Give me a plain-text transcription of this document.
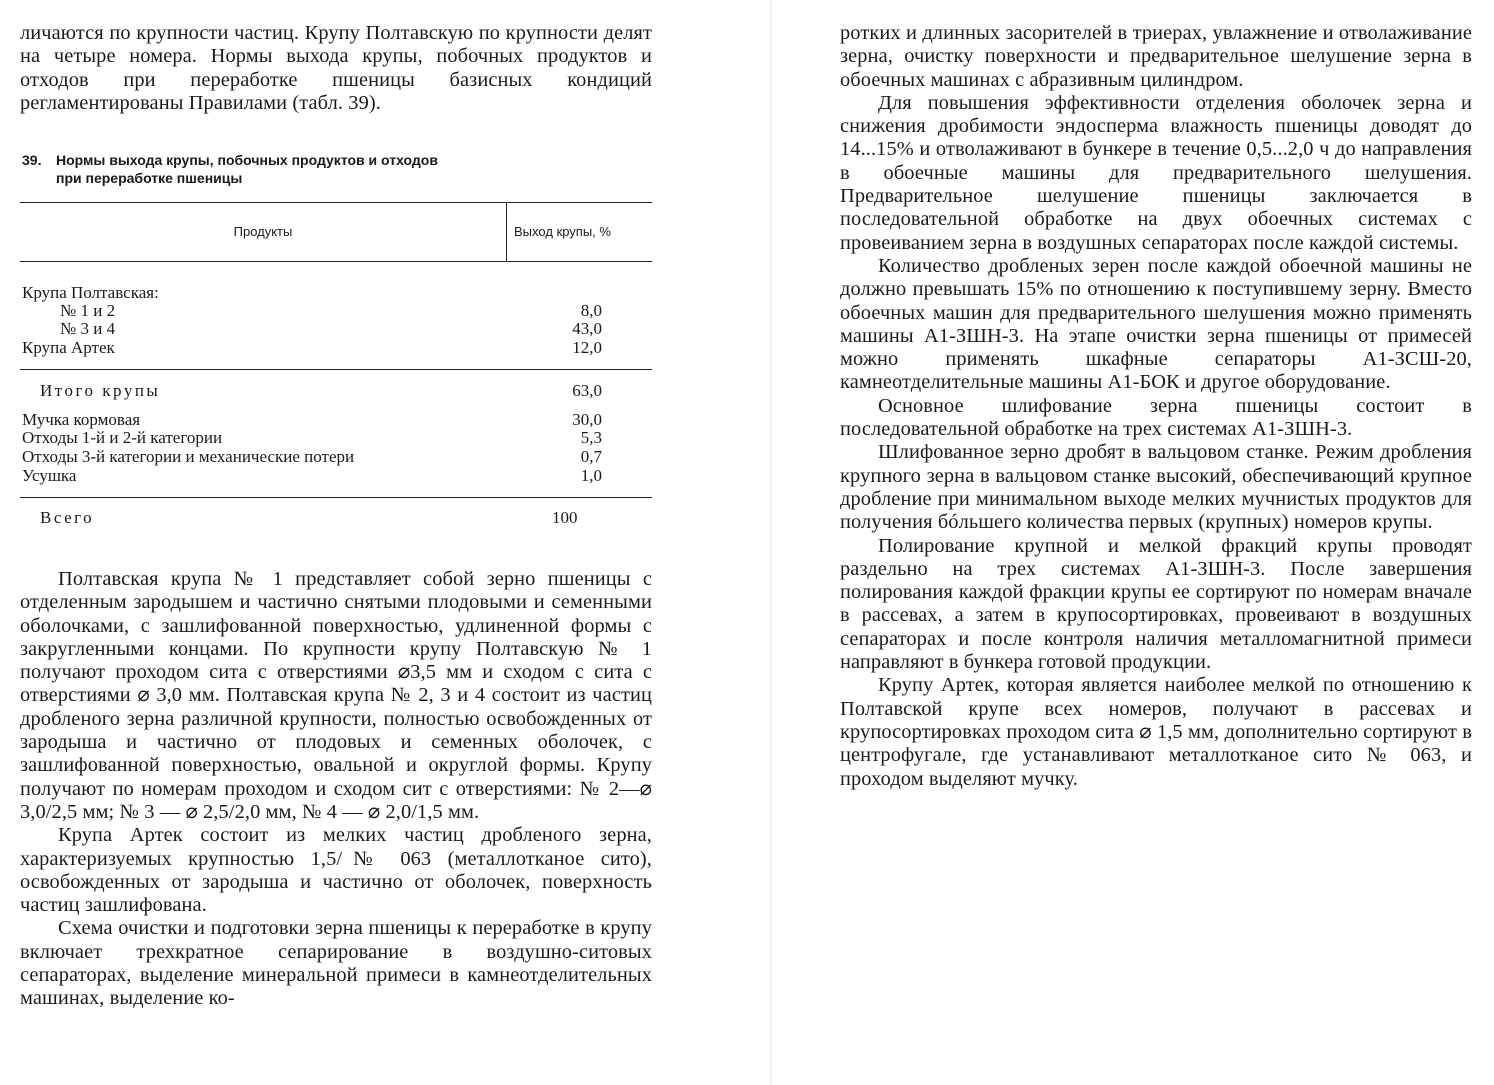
личаются по крупности частиц. Крупу Полтавскую по крупности делят на четыре номера. Нормы выхода крупы, побочных продуктов и отходов при переработке пшеницы базисных кондиций регламентированы Правилами (табл. 39).

39. Нормы выхода крупы, побочных продуктов и отходов
при переработке пшеницы
Продукты	Выход крупы, %
Крупа Полтавская:
№ 1 и 2	8,0
№ 3 и 4	43,0
Крупа Артек	12,0
Итого крупы	63,0
Мучка кормовая	30,0
Отходы 1-й и 2-й категории	5,3
Отходы 3-й категории и механические потери	0,7
Усушка	1,0
Всего	100

Полтавская крупа № 1 представляет собой зерно пшеницы с отделенным зародышем и частично снятыми плодовыми и семенными оболочками, с зашлифованной поверхностью, удлиненной формы с закругленными концами. По крупности крупу Полтавскую № 1 получают проходом сита с отверстиями ⌀3,5 мм и сходом с сита с отверстиями ⌀ 3,0 мм. Полтавская крупа № 2, 3 и 4 состоит из частиц дробленого зерна различной крупности, полностью освобожденных от зародыша и частично от плодовых и семенных оболочек, с зашлифованной поверхностью, овальной и округлой формы. Крупу получают по номерам проходом и сходом сит с отверстиями: № 2—⌀ 3,0/2,5 мм; № 3 — ⌀ 2,5/2,0 мм, № 4 — ⌀ 2,0/1,5 мм.

Крупа Артек состоит из мелких частиц дробленого зерна, характеризуемых крупностью 1,5/№ 063 (металлотканое сито), освобожденных от зародыша и частично от оболочек, поверхность частиц зашлифована.

Схема очистки и подготовки зерна пшеницы к переработке в крупу включает трехкратное сепарирование в воздушно-ситовых сепараторах, выделение минеральной примеси в камнеотделительных машинах, выделение ко-

роткиx и длинных засорителей в триерах, увлажнение и отволаживание зерна, очистку поверхности и предварительное шелушение зерна в обоечных машинах с абразивным цилиндром.

Для повышения эффективности отделения оболочек зерна и снижения дробимости эндосперма влажность пшеницы доводят до 14...15% и отволаживают в бункере в течение 0,5...2,0 ч до направления в обоечные машины для предварительного шелушения. Предварительное шелушение пшеницы заключается в последовательной обработке на двух обоечных системах с провеиванием зерна в воздушных сепараторах после каждой системы.

Количество дробленых зерен после каждой обоечной машины не должно превышать 15% по отношению к поступившему зерну. Вместо обоечных машин для предварительного шелушения можно применять машины А1-ЗШН-3. На этапе очистки зерна пшеницы от примесей можно применять шкафные сепараторы А1-ЗСШ-20, камнеотделительные машины А1-БОК и другое оборудование.

Основное шлифование зерна пшеницы состоит в последовательной обработке на трех системах А1-ЗШН-3.

Шлифованное зерно дробят в вальцовом станке. Режим дробления крупного зерна в вальцовом станке высокий, обеспечивающий крупное дробление при минимальном выходе мелких мучнистых продуктов для получения бóльшего количества первых (крупных) номеров крупы.

Полирование крупной и мелкой фракций крупы проводят раздельно на трех системах А1-ЗШН-3. После завершения полирования каждой фракции крупы ее сортируют по номерам вначале в рассевах, а затем в крупосортировках, провеивают в воздушных сепараторах и после контроля наличия металломагнитной примеси направляют в бункера готовой продукции.

Крупу Артек, которая является наиболее мелкой по отношению к Полтавской крупе всех номеров, получают в рассевах и крупосортировках проходом сита ⌀ 1,5 мм, дополнительно сортируют в центрофугале, где устанавливают металлотканое сито № 063, и проходом выделяют мучку.
